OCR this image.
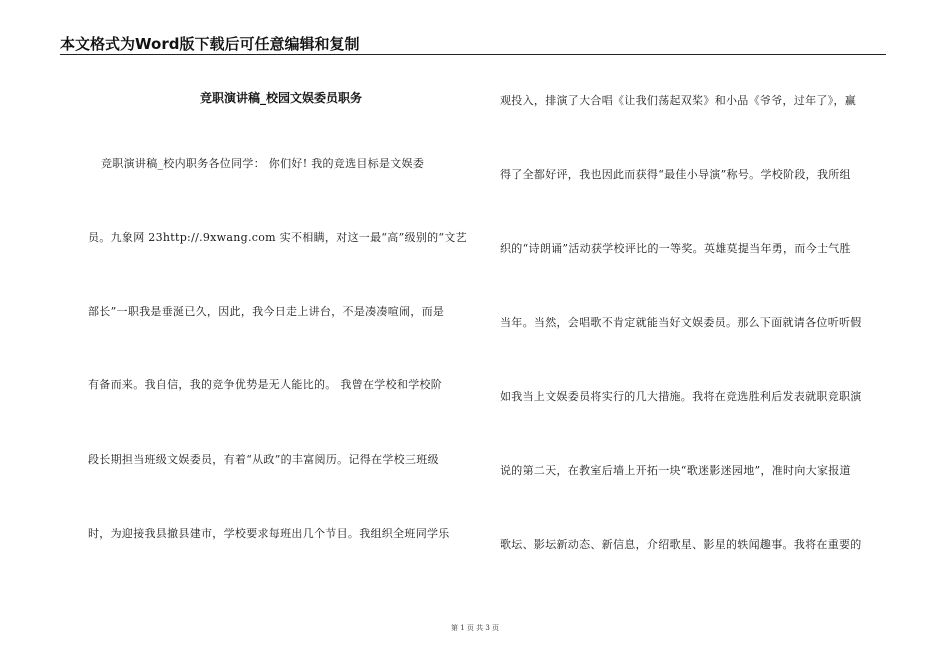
本文格式为Word版下载后可任意编辑和复制
竞职演讲稿_校园文娱委员职务
竞职演讲稿_校内职务各位同学： 你们好! 我的竞选目标是文娱委
员。九象网 23http://.9xwang.com 实不相瞒，对这一最“高”级别的“文艺
部长”一职我是垂涎已久，因此，我今日走上讲台，不是凑凑喧闹，而是
有备而来。我自信，我的竞争优势是无人能比的。 我曾在学校和学校阶
段长期担当班级文娱委员，有着“从政”的丰富阅历。记得在学校三班级
时，为迎接我县撤县建市，学校要求每班出几个节目。我组织全班同学乐
观投入，排演了大合唱《让我们荡起双桨》和小品《爷爷，过年了》，赢
得了全都好评，我也因此而获得“最佳小导演”称号。学校阶段，我所组
织的“诗朗诵”活动获学校评比的一等奖。英雄莫提当年勇，而今士气胜
当年。当然，会唱歌不肯定就能当好文娱委员。那么下面就请各位听听假
如我当上文娱委员将实行的几大措施。我将在竞选胜利后发表就职竞职演
说的第二天，在教室后墙上开拓一块“歌迷影迷园地”，准时向大家报道
歌坛、影坛新动态、新信息，介绍歌星、影星的轶闻趣事。我将在重要的
第 1 页 共 3 页
